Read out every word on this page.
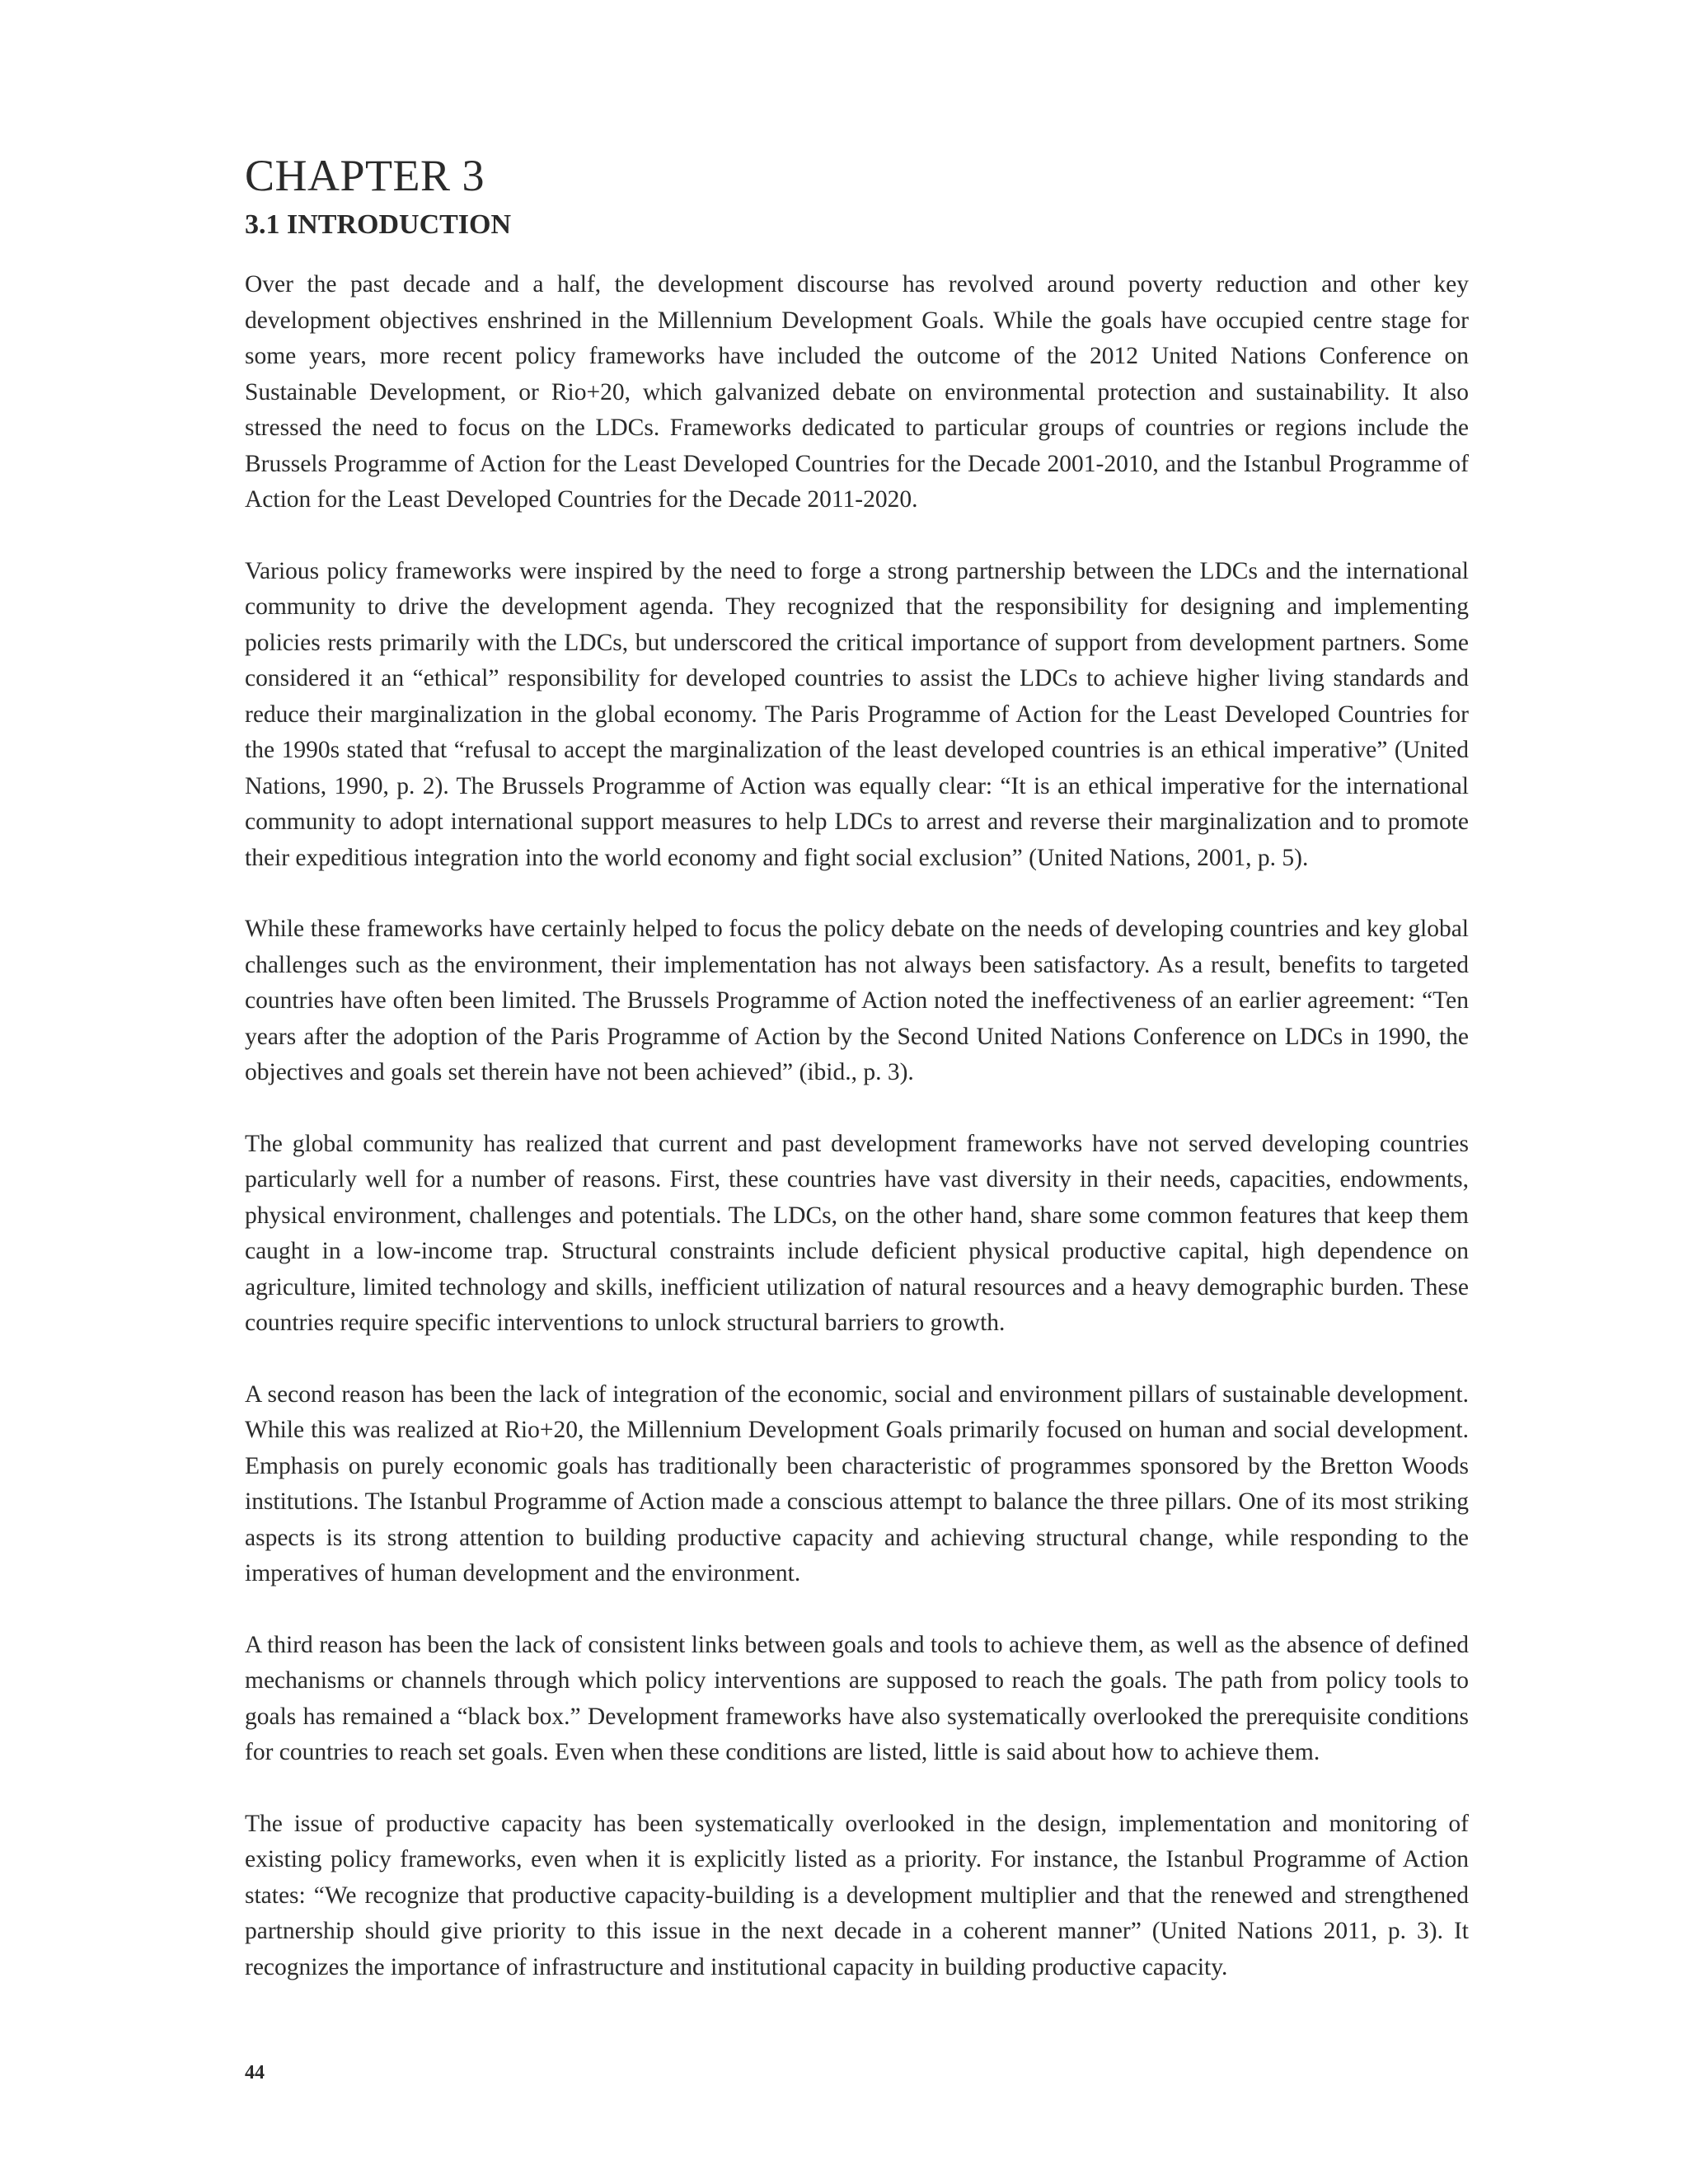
CHAPTER 3
3.1 INTRODUCTION

Over the past decade and a half, the development discourse has revolved around poverty reduction and other key development objectives enshrined in the Millennium Development Goals. While the goals have occupied centre stage for some years, more recent policy frameworks have included the outcome of the 2012 United Nations Conference on Sustainable Development, or Rio+20, which galvanized debate on environmental protection and sustainability. It also stressed the need to focus on the LDCs. Frameworks dedicated to particular groups of countries or regions include the Brussels Programme of Action for the Least Developed Countries for the Decade 2001-2010, and the Istanbul Programme of Action for the Least Developed Countries for the Decade 2011-2020.

Various policy frameworks were inspired by the need to forge a strong partnership between the LDCs and the international community to drive the development agenda. They recognized that the responsibility for designing and implementing policies rests primarily with the LDCs, but underscored the critical importance of support from development partners. Some considered it an “ethical” responsibility for developed countries to assist the LDCs to achieve higher living standards and reduce their marginalization in the global economy. The Paris Programme of Action for the Least Developed Countries for the 1990s stated that “refusal to accept the marginalization of the least developed countries is an ethical imperative” (United Nations, 1990, p. 2). The Brussels Programme of Action was equally clear: “It is an ethical imperative for the international community to adopt international support measures to help LDCs to arrest and reverse their marginalization and to promote their expeditious integration into the world economy and fight social exclusion” (United Nations, 2001, p. 5).

While these frameworks have certainly helped to focus the policy debate on the needs of developing countries and key global challenges such as the environment, their implementation has not always been satisfactory. As a result, benefits to targeted countries have often been limited. The Brussels Programme of Action noted the ineffectiveness of an earlier agreement: “Ten years after the adoption of the Paris Programme of Action by the Second United Nations Conference on LDCs in 1990, the objectives and goals set therein have not been achieved” (ibid., p. 3).

The global community has realized that current and past development frameworks have not served developing countries particularly well for a number of reasons. First, these countries have vast diversity in their needs, capacities, endowments, physical environment, challenges and potentials. The LDCs, on the other hand, share some common features that keep them caught in a low-income trap. Structural constraints include deficient physical productive capital, high dependence on agriculture, limited technology and skills, inefficient utilization of natural resources and a heavy demographic burden. These countries require specific interventions to unlock structural barriers to growth.

A second reason has been the lack of integration of the economic, social and environment pillars of sustainable development. While this was realized at Rio+20, the Millennium Development Goals primarily focused on human and social development. Emphasis on purely economic goals has traditionally been characteristic of programmes sponsored by the Bretton Woods institutions. The Istanbul Programme of Action made a conscious attempt to balance the three pillars. One of its most striking aspects is its strong attention to building productive capacity and achieving structural change, while responding to the imperatives of human development and the environment.

A third reason has been the lack of consistent links between goals and tools to achieve them, as well as the absence of defined mechanisms or channels through which policy interventions are supposed to reach the goals. The path from policy tools to goals has remained a “black box.” Development frameworks have also systematically overlooked the prerequisite conditions for countries to reach set goals. Even when these conditions are listed, little is said about how to achieve them.

The issue of productive capacity has been systematically overlooked in the design, implementation and monitoring of existing policy frameworks, even when it is explicitly listed as a priority. For instance, the Istanbul Programme of Action states: “We recognize that productive capacity-building is a development multiplier and that the renewed and strengthened partnership should give priority to this issue in the next decade in a coherent manner” (United Nations 2011, p. 3). It recognizes the importance of infrastructure and institutional capacity in building productive capacity.

44
